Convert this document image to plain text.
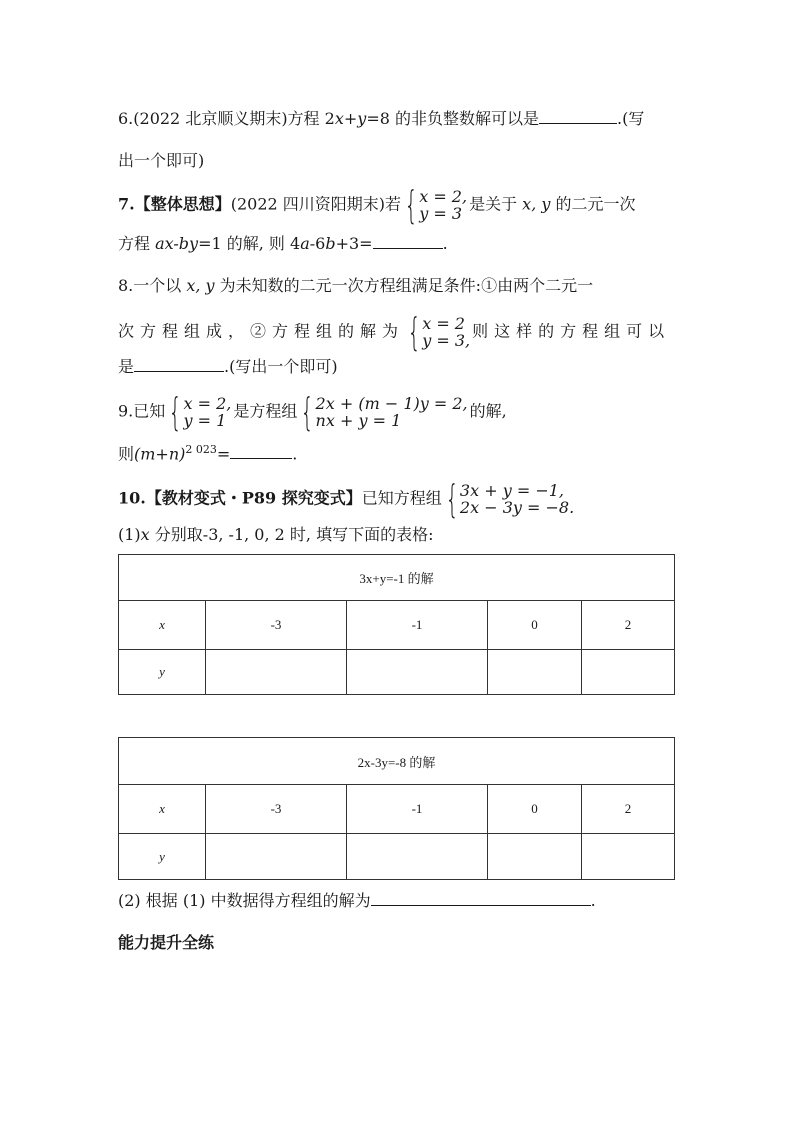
6.(2022 北京顺义期末)方程 2x+y=8 的非负整数解可以是	.(写
出一个即可)
7.【整体思想】(2022 四川资阳期末)若 { x = 2,
y = 3 是关于 x, y 的二元一次
方程 ax-by=1 的解, 则 4a-6b+3=	.
8.一个以 x, y 为未知数的二元一次方程组满足条件:①由两个二元一
次方程组成，②方程组的解为 { x = 2
y = 3, 则这样的方程组可以
是	.(写出一个即可)
9.已知 { x = 2,
y = 1 是方程组 { 2x + (m − 1)y = 2,
nx + y = 1	的解,
则$(m+n)^{2 023}=$	.
10.【教材变式・P89 探究变式】已知方程组 { 3x + y = −1,
2x − 3y = −8.
(1)x 分别取-3, -1, 0, 2 时, 填写下面的表格:
3x+y=-1 的解				
x	-3	-1	0	2
y				
2x-3y=-8 的解				
x	-3	-1	0	2
y				
(2) 根据 (1) 中数据得方程组的解为	.
能力提升全练
